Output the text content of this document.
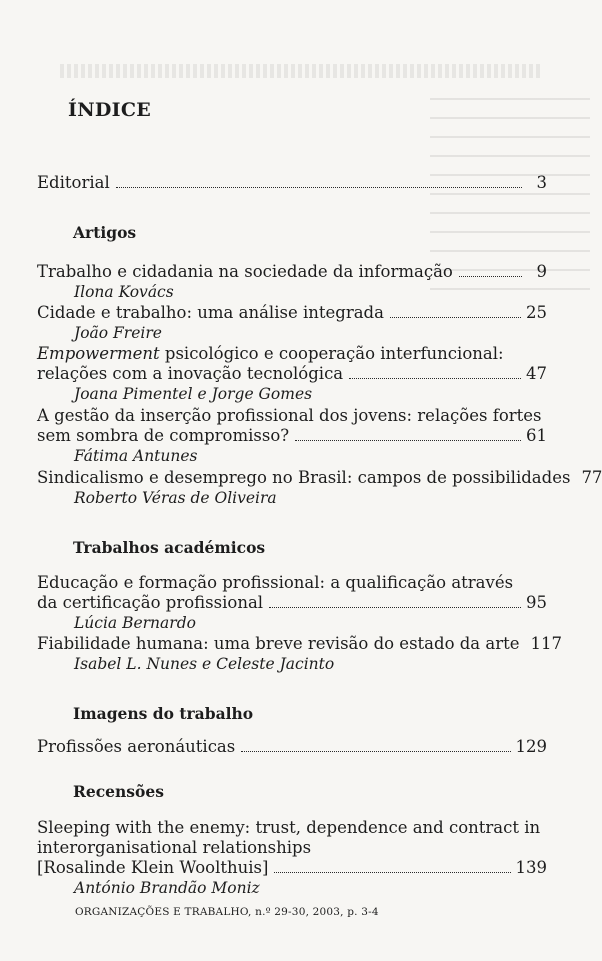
ÍNDICE
Editorial	3
Artigos
Trabalho e cidadania na sociedade da informação	9
Ilona Kovács
Cidade e trabalho: uma análise integrada	25
João Freire
Empowerment psicológico e cooperação interfuncional:
relações com a inovação tecnológica	47
Joana Pimentel e Jorge Gomes
A gestão da inserção profissional dos jovens: relações fortes
sem sombra de compromisso?	61
Fátima Antunes
Sindicalismo e desemprego no Brasil: campos de possibilidades 77
Roberto Véras de Oliveira
Trabalhos académicos
Educação e formação profissional: a qualificação através
da certificação profissional	95
Lúcia Bernardo
Fiabilidade humana: uma breve revisão do estado da arte 117
Isabel L. Nunes e Celeste Jacinto
Imagens do trabalho
Profissões aeronáuticas	129
Recensões
Sleeping with the enemy: trust, dependence and contract in
interorganisational relationships
[Rosalinde Klein Woolthuis]	139
António Brandão Moniz
ORGANIZAÇÕES E TRABALHO, n.º 29-30, 2003, p. 3-4
